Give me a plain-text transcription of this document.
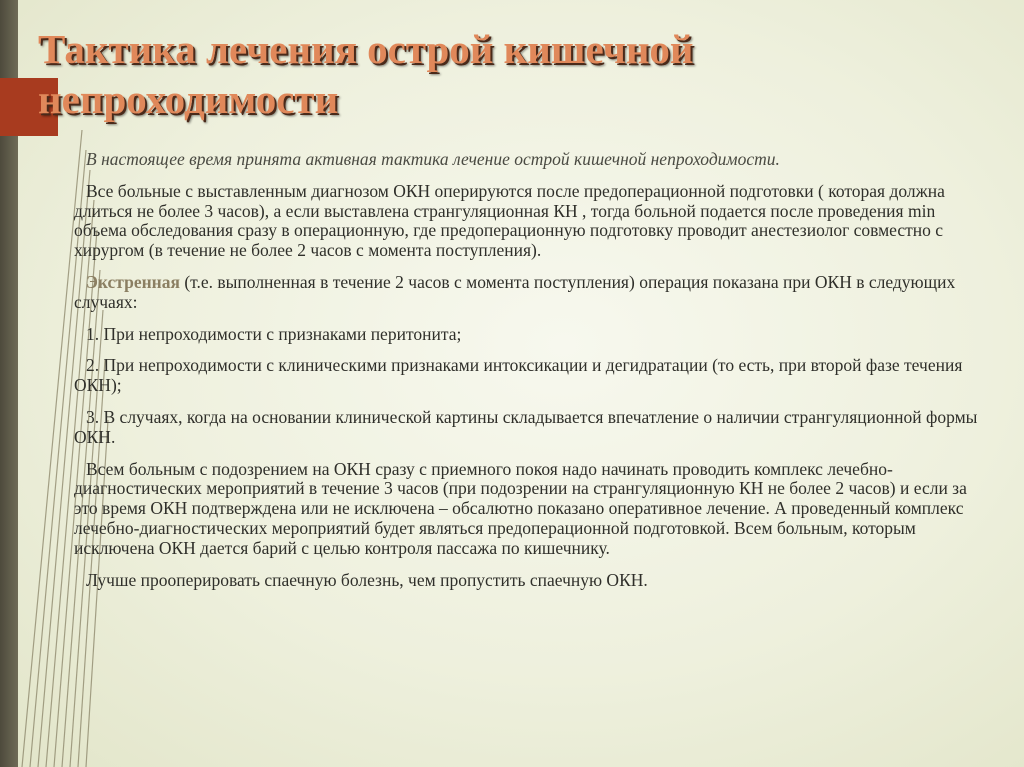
Тактика лечения острой кишечной
непроходимости

В настоящее время принята активная тактика лечение острой кишечной непроходимости.

Все больные с выставленным диагнозом ОКН оперируются после предоперационной подготовки ( которая должна длиться не более 3 часов), а если выставлена странгуляционная КН , тогда больной подается после проведения min объема обследования сразу в операционную, где предоперационную подготовку проводит анестезиолог совместно с хирургом (в течение не более 2 часов с момента поступления).

Экстренная (т.е. выполненная в течение 2 часов с момента поступления) операция показана при ОКН в следующих случаях:

1. При непроходимости с признаками перитонита;

2. При непроходимости с клиническими признаками интоксикации и дегидратации (то есть, при второй фазе течения ОКН);

3. В случаях, когда на основании клинической картины складывается впечатление о наличии странгуляционной формы ОКН.

Всем больным с подозрением на ОКН сразу с приемного покоя надо начинать проводить комплекс лечебно-диагностических мероприятий в течение 3 часов (при подозрении на странгуляционную КН не более 2 часов) и если за это время ОКН подтверждена или не исключена – обсалютно показано оперативное лечение. А проведенный комплекс лечебно-диагностических мероприятий будет являться предоперационной подготовкой. Всем больным, которым исключена ОКН дается барий с целью контроля пассажа по кишечнику.

Лучше прооперировать спаечную болезнь, чем пропустить спаечную ОКН.
